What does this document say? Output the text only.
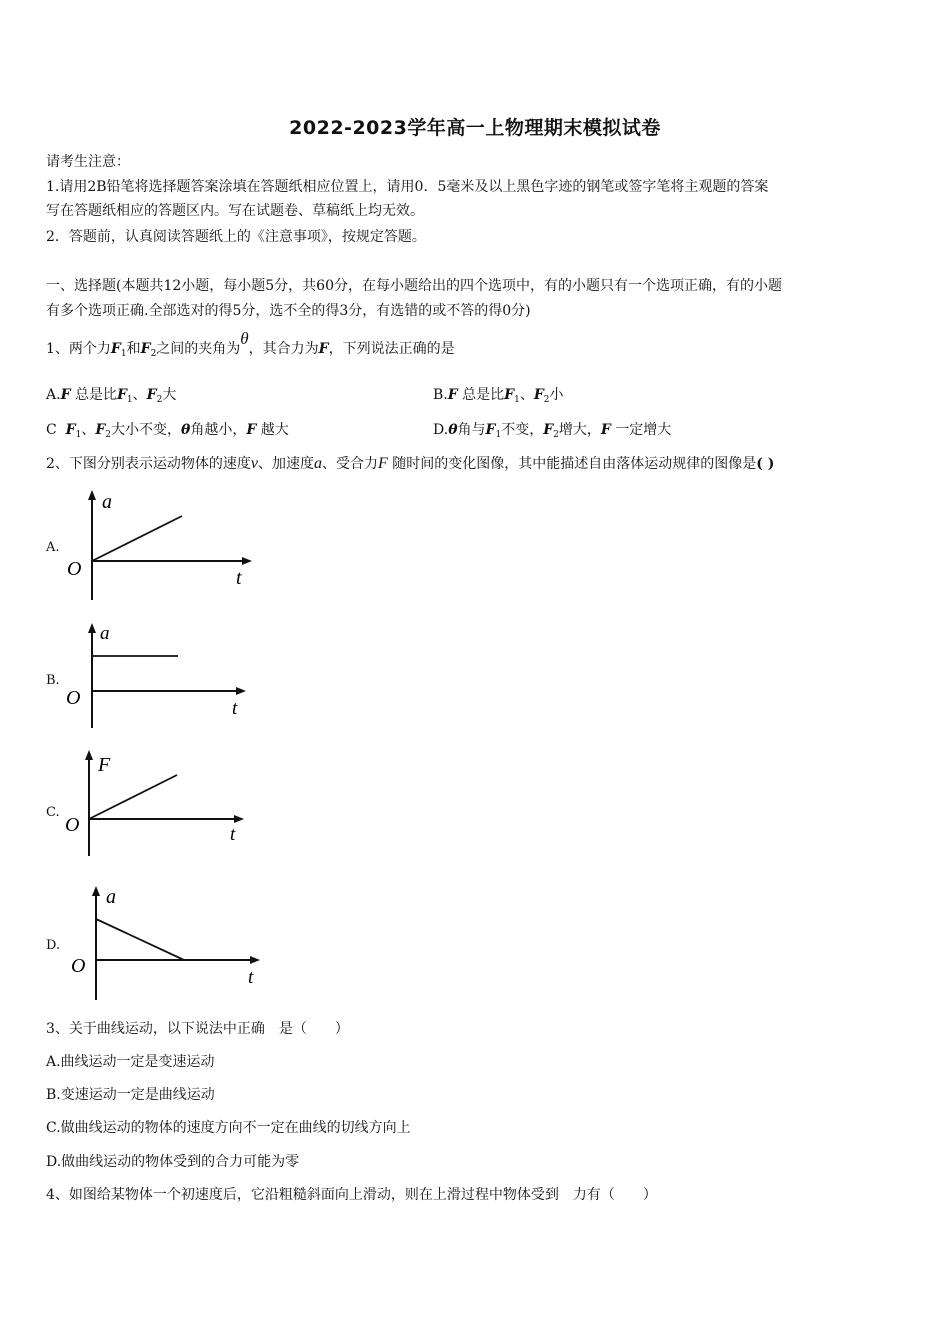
2022-2023学年高一上物理期末模拟试卷
请考生注意：
1.请用2B铅笔将选择题答案涂填在答题纸相应位置上，请用0．5毫米及以上黑色字迹的钢笔或签字笔将主观题的答案
写在答题纸相应的答题区内。写在试题卷、草稿纸上均无效。
2．答题前，认真阅读答题纸上的《注意事项》，按规定答题。
一、选择题(本题共12小题，每小题5分，共60分，在每小题给出的四个选项中，有的小题只有一个选项正确，有的小题
有多个选项正确.全部选对的得5分，选不全的得3分，有选错的或不答的得0分)
1、两个力$F_1$和$F_2$之间的夹角为θ，其合力为F，下列说法正确的是
A.F 总是比$F_1$、$F_2$大	B.F 总是比$F_1$、$F_2$小
C $F_1$、$F_2$大小不变，θ角越小，F 越大	D.θ角与$F_1$不变，$F_2$增大，F 一定增大
2、下图分别表示运动物体的速度v、加速度a、受合力F 随时间的变化图像，其中能描述自由落体运动规律的图像是( )
A.
a
O	t
B.
a
O	t
C.
F
O	t
D.
a
O
t
3、关于曲线运动，以下说法中正确　是（　　）
A.曲线运动一定是变速运动
B.变速运动一定是曲线运动
C.做曲线运动的物体的速度方向不一定在曲线的切线方向上
D.做曲线运动的物体受到的合力可能为零
4、如图给某物体一个初速度后，它沿粗糙斜面向上滑动，则在上滑过程中物体受到　力有（　　）
